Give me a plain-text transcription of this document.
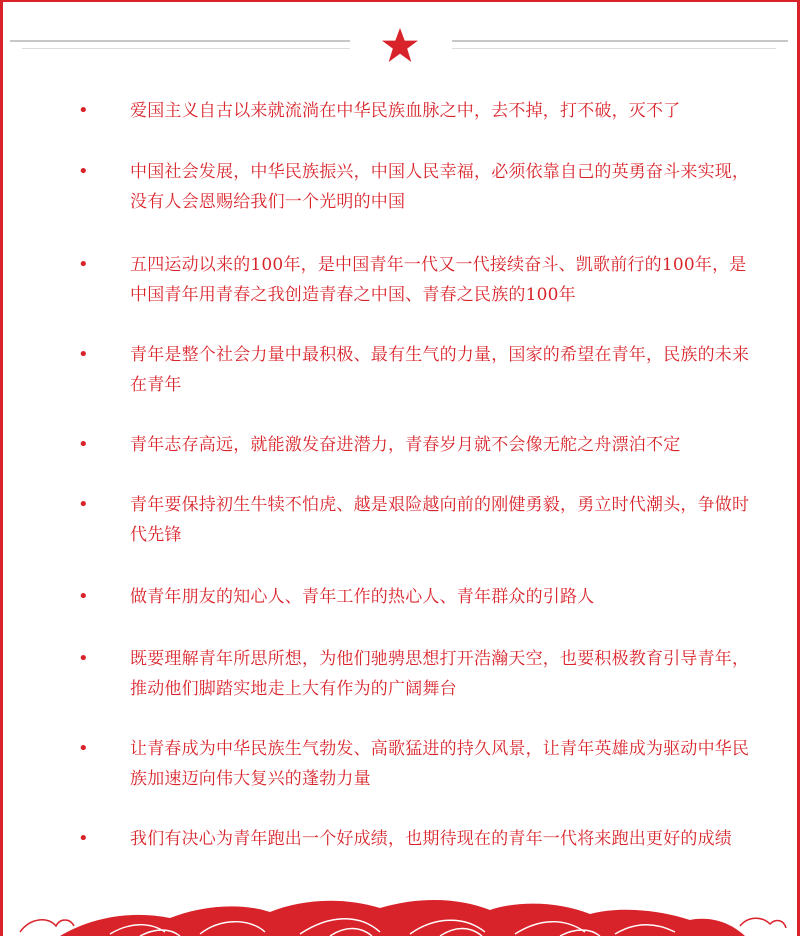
• 爱国主义自古以来就流淌在中华民族血脉之中，去不掉，打不破，灭不了
• 中国社会发展，中华民族振兴，中国人民幸福，必须依靠自己的英勇奋斗来实现，没有人会恩赐给我们一个光明的中国
• 五四运动以来的100年，是中国青年一代又一代接续奋斗、凯歌前行的100年，是中国青年用青春之我创造青春之中国、青春之民族的100年
• 青年是整个社会力量中最积极、最有生气的力量，国家的希望在青年，民族的未来在青年
• 青年志存高远，就能激发奋进潜力，青春岁月就不会像无舵之舟漂泊不定
• 青年要保持初生牛犊不怕虎、越是艰险越向前的刚健勇毅，勇立时代潮头，争做时代先锋
• 做青年朋友的知心人、青年工作的热心人、青年群众的引路人
• 既要理解青年所思所想，为他们驰骋思想打开浩瀚天空，也要积极教育引导青年，推动他们脚踏实地走上大有作为的广阔舞台
• 让青春成为中华民族生气勃发、高歌猛进的持久风景，让青年英雄成为驱动中华民族加速迈向伟大复兴的蓬勃力量
• 我们有决心为青年跑出一个好成绩，也期待现在的青年一代将来跑出更好的成绩
